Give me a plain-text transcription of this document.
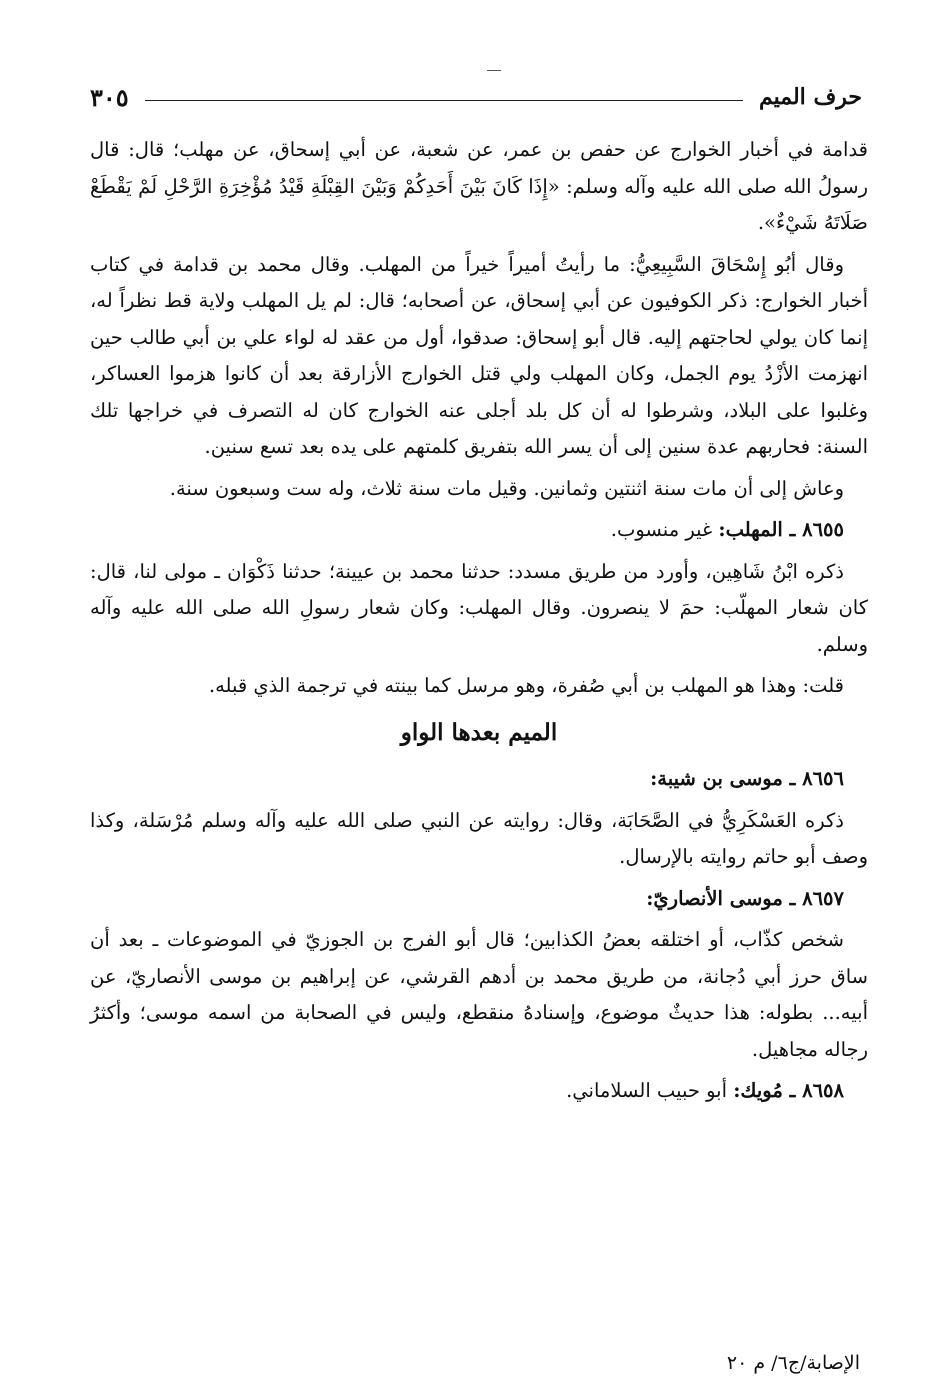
حرف الميم
٣٠٥

قدامة في أخبار الخوارج عن حفص بن عمر، عن شعبة، عن أبي إسحاق، عن مهلب؛ قال: قال رسولُ الله صلى الله عليه وآله وسلم: «إِذَا كَانَ بَيْنَ أَحَدِكُمْ وَبَيْنَ القِبْلَةِ قَيْدُ مُؤْخِرَةِ الرَّحْلِ لَمْ يَقْطَعْ صَلَاتَهُ شَيْءٌ».

وقال أبُو إِسْحَاقَ السَّبِيعِيُّ: ما رأيتُ أميراً خيراً من المهلب. وقال محمد بن قدامة في كتاب أخبار الخوارج: ذكر الكوفيون عن أبي إسحاق، عن أصحابه؛ قال: لم يل المهلب ولاية قط نظراً له، إنما كان يولي لحاجتهم إليه. قال أبو إسحاق: صدقوا، أول من عقد له لواء علي بن أبي طالب حين انهزمت الأزْدُ يوم الجمل، وكان المهلب ولي قتل الخوارج الأزارقة بعد أن كانوا هزموا العساكر، وغلبوا على البلاد، وشرطوا له أن كل بلد أجلى عنه الخوارج كان له التصرف في خراجها تلك السنة: فحاربهم عدة سنين إلى أن يسر الله بتفريق كلمتهم على يده بعد تسع سنين.

وعاش إلى أن مات سنة اثنتين وثمانين. وقيل مات سنة ثلاث، وله ست وسبعون سنة.

٨٦٥٥ ـ المهلب: غير منسوب.

ذكره ابْنُ شَاهِين، وأورد من طريق مسدد: حدثنا محمد بن عيينة؛ حدثنا ذَكْوَان ـ مولى لنا، قال: كان شعار المهلّب: حمَ لا ينصرون. وقال المهلب: وكان شعار رسولِ الله صلى الله عليه وآله وسلم.

قلت: وهذا هو المهلب بن أبي صُفرة، وهو مرسل كما بينته في ترجمة الذي قبله.

الميم بعدها الواو

٨٦٥٦ ـ موسى بن شيبة:

ذكره العَسْكَرِيُّ في الصَّحَابَة، وقال: روايته عن النبي صلى الله عليه وآله وسلم مُرْسَلة، وكذا وصف أبو حاتم روايته بالإرسال.

٨٦٥٧ ـ موسى الأنصاريّ:

شخص كذّاب، أو اختلقه بعضُ الكذابين؛ قال أبو الفرج بن الجوزيّ في الموضوعات ـ بعد أن ساق حرز أبي دُجانة، من طريق محمد بن أدهم القرشي، عن إبراهيم بن موسى الأنصاريّ، عن أبيه... بطوله: هذا حديثٌ موضوع، وإسنادهُ منقطع، وليس في الصحابة من اسمه موسى؛ وأكثرُ رجاله مجاهيل.

٨٦٥٨ ـ مُويك: أبو حبيب السلاماني.

الإصابة/ج٦/ م ٢٠
